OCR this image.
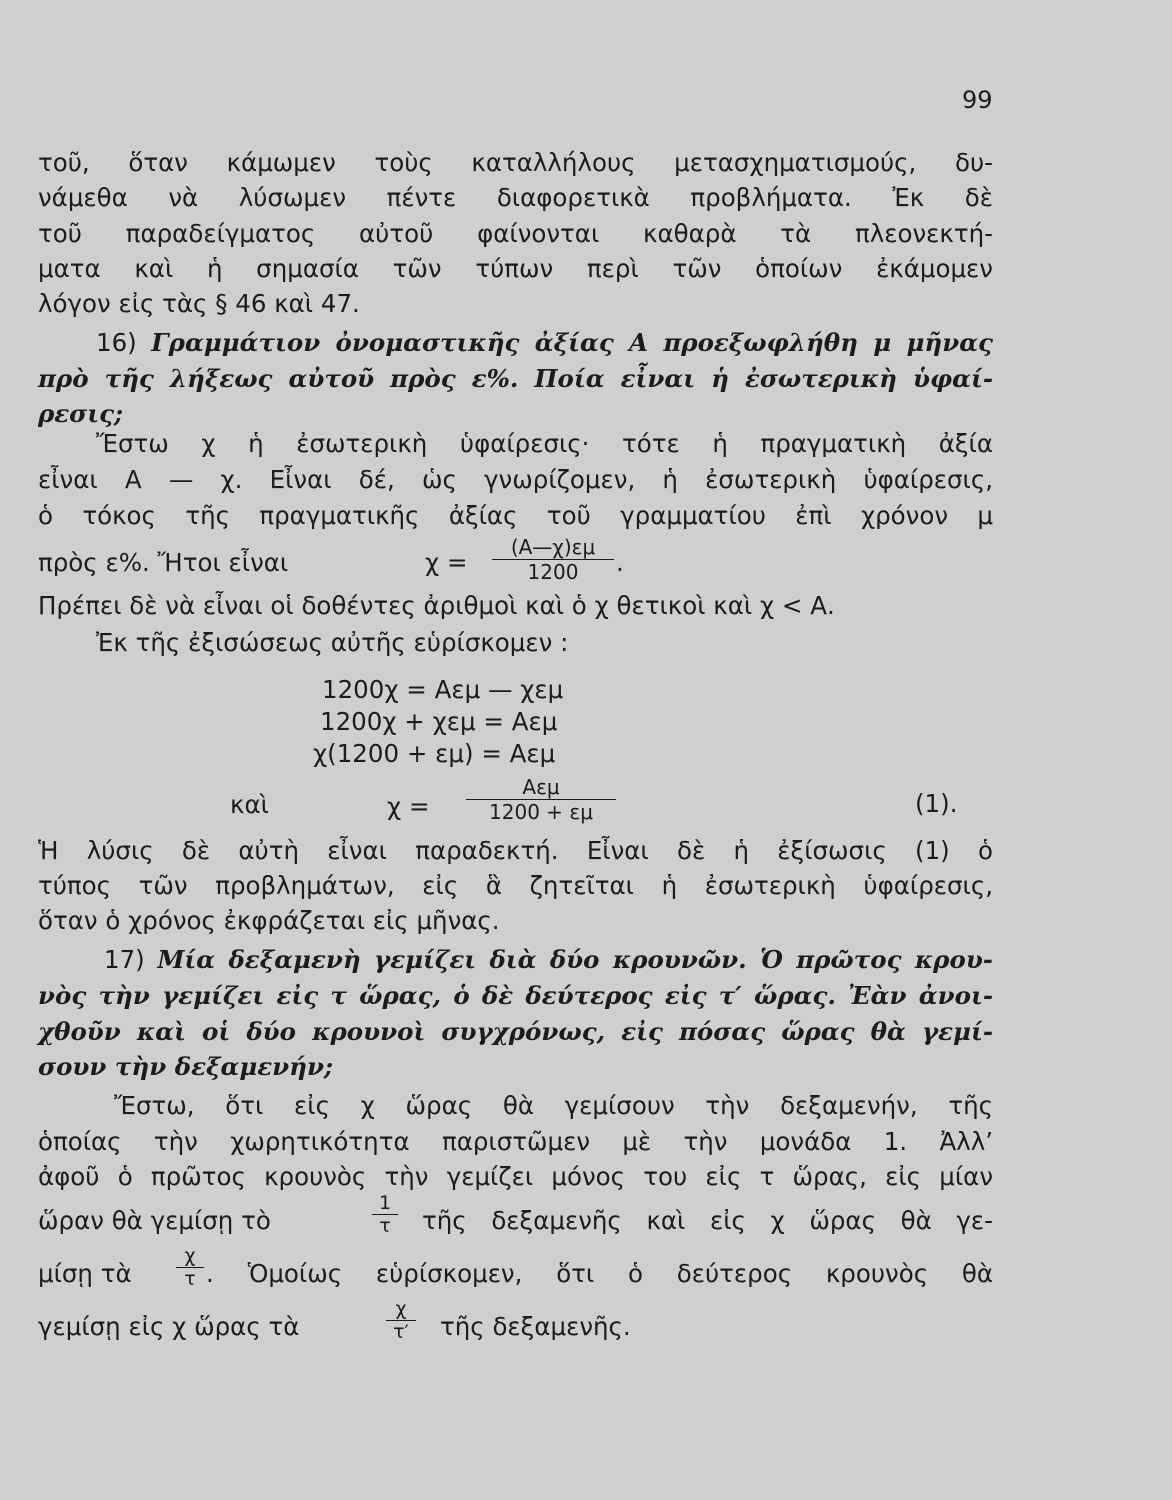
99

τοῦ, ὅταν κάμωμεν τοὺς καταλλήλους μετασχηματισμούς, δυ-

νάμεθα νὰ λύσωμεν πέντε διαφορετικὰ προβλήματα. Ἐκ δὲ

τοῦ παραδείγματος αὐτοῦ φαίνονται καθαρὰ τὰ πλεονεκτή-

ματα καὶ ἡ σημασία τῶν τύπων περὶ τῶν ὁποίων ἐκάμομεν

λόγον εἰς τὰς § 46 καὶ 47.

16) Γραμμάτιον ὀνομαστικῆς ἀξίας Α προεξωφλήθη μ μῆνας

πρὸ τῆς λήξεως αὐτοῦ πρὸς ε%. Ποία εἶναι ἡ ἐσωτερικὴ ὑφαί-

ρεσις;

Ἔστω χ ἡ ἐσωτερικὴ ὑφαίρεσις· τότε ἡ πραγματικὴ ἀξία

εἶναι Α — χ. Εἶναι δέ, ὡς γνωρίζομεν, ἡ ἐσωτερικὴ ὑφαίρεσις,

ὁ τόκος τῆς πραγματικῆς ἀξίας τοῦ γραμματίου ἐπὶ χρόνον μ

πρὸς ε%. Ἤτοι εἶναι	χ =
(Α—χ)εμ
1200	.

Πρέπει δὲ νὰ εἶναι οἱ δοθέντες ἀριθμοὶ καὶ ὁ χ θετικοὶ καὶ χ < Α.

Ἐκ τῆς ἐξισώσεως αὐτῆς εὑρίσκομεν :

1200χ = Αεμ — χεμ
1200χ + χεμ = Αεμ
χ(1200 + εμ) = Αεμ
καὶ	χ =
Αεμ
1200 + εμ	(1).

Ἡ λύσις δὲ αὐτὴ εἶναι παραδεκτή. Εἶναι δὲ ἡ ἐξίσωσις (1) ὁ

τύπος τῶν προβλημάτων, εἰς ἃ ζητεῖται ἡ ἐσωτερικὴ ὑφαίρεσις,

ὅταν ὁ χρόνος ἐκφράζεται εἰς μῆνας.

17) Μία δεξαμενὴ γεμίζει διὰ δύο κρουνῶν. Ὁ πρῶτος κρου-

νὸς τὴν γεμίζει εἰς τ ὥρας, ὁ δὲ δεύτερος εἰς τ′ ὥρας. Ἐὰν ἀνοι-

χθοῦν καὶ οἱ δύο κρουνοὶ συγχρόνως, εἰς πόσας ὥρας θὰ γεμί-

σουν τὴν δεξαμενήν;

Ἔστω, ὅτι εἰς χ ὥρας θὰ γεμίσουν τὴν δεξαμενήν, τῆς

ὁποίας τὴν χωρητικότητα παριστῶμεν μὲ τὴν μονάδα 1. Ἀλλ’

ἀφοῦ ὁ πρῶτος κρουνὸς τὴν γεμίζει μόνος του εἰς τ ὥρας, εἰς μίαν

ὥραν θὰ γεμίσῃ τὸ
1
τ τῆς δεξαμενῆς καὶ εἰς χ ὥρας θὰ γε-
μίσῃ τὰ
χ
τ . Ὁμοίως εὑρίσκομεν, ὅτι ὁ δεύτερος κρουνὸς θὰ
γεμίσῃ εἰς χ ὥρας τὰ
χ
τ′ τῆς δεξαμενῆς.
